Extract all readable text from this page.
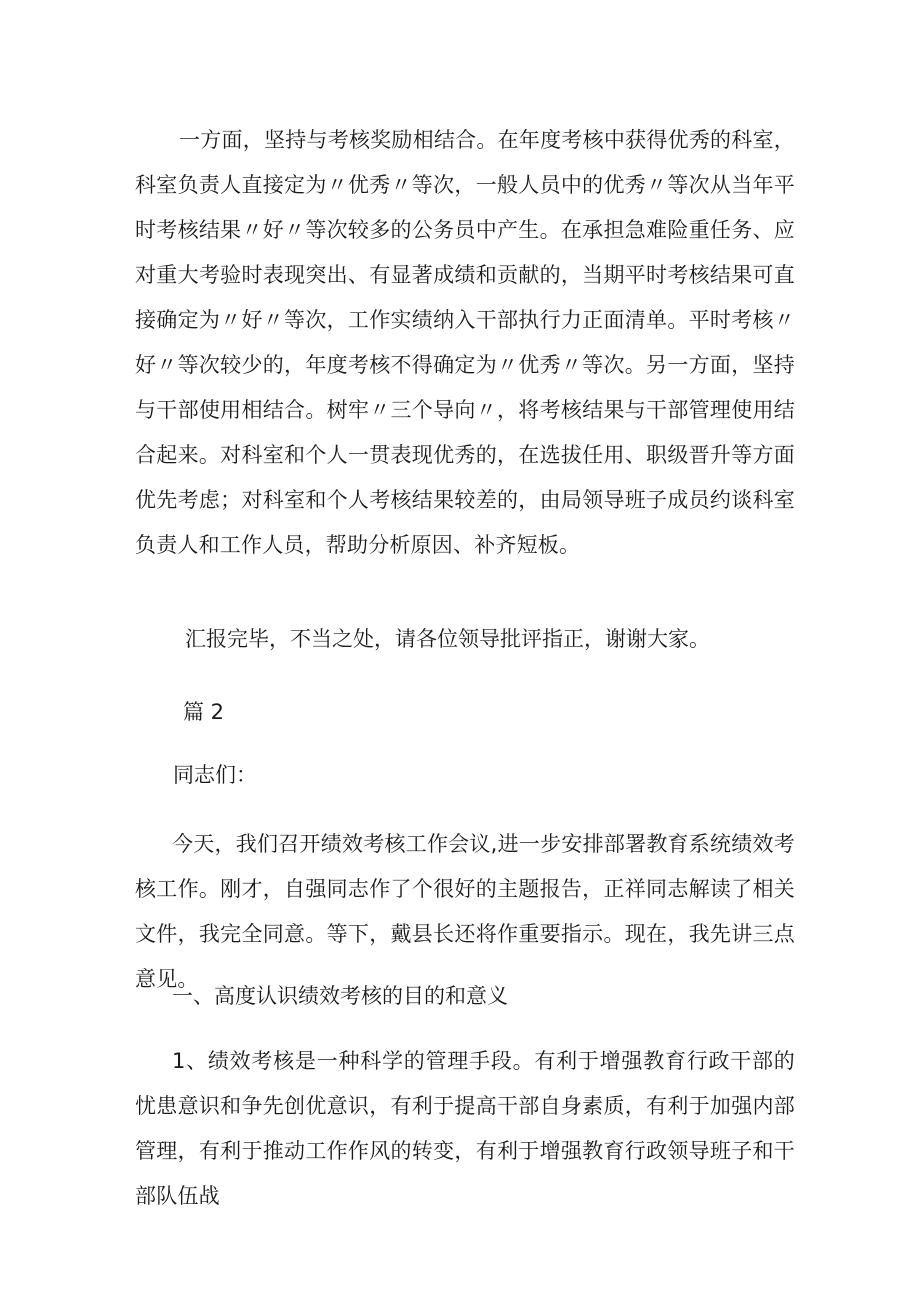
一方面，坚持与考核奖励相结合。在年度考核中获得优秀的科室，科室负责人直接定为〃优秀〃等次，一般人员中的优秀〃等次从当年平时考核结果〃好〃等次较多的公务员中产生。在承担急难险重任务、应对重大考验时表现突出、有显著成绩和贡献的，当期平时考核结果可直接确定为〃好〃等次，工作实绩纳入干部执行力正面清单。平时考核〃好〃等次较少的，年度考核不得确定为〃优秀〃等次。另一方面，坚持与干部使用相结合。树牢〃三个导向〃，将考核结果与干部管理使用结合起来。对科室和个人一贯表现优秀的，在选拔任用、职级晋升等方面优先考虑；对科室和个人考核结果较差的，由局领导班子成员约谈科室负责人和工作人员，帮助分析原因、补齐短板。

汇报完毕，不当之处，请各位领导批评指正，谢谢大家。

篇 2

同志们：

今天，我们召开绩效考核工作会议,进一步安排部署教育系统绩效考核工作。刚才，自强同志作了个很好的主题报告，正祥同志解读了相关文件，我完全同意。等下，戴县长还将作重要指示。现在，我先讲三点意见。

一、高度认识绩效考核的目的和意义

1、绩效考核是一种科学的管理手段。有利于增强教育行政干部的忧患意识和争先创优意识，有利于提高干部自身素质，有利于加强内部管理，有利于推动工作作风的转变，有利于增强教育行政领导班子和干部队伍战
